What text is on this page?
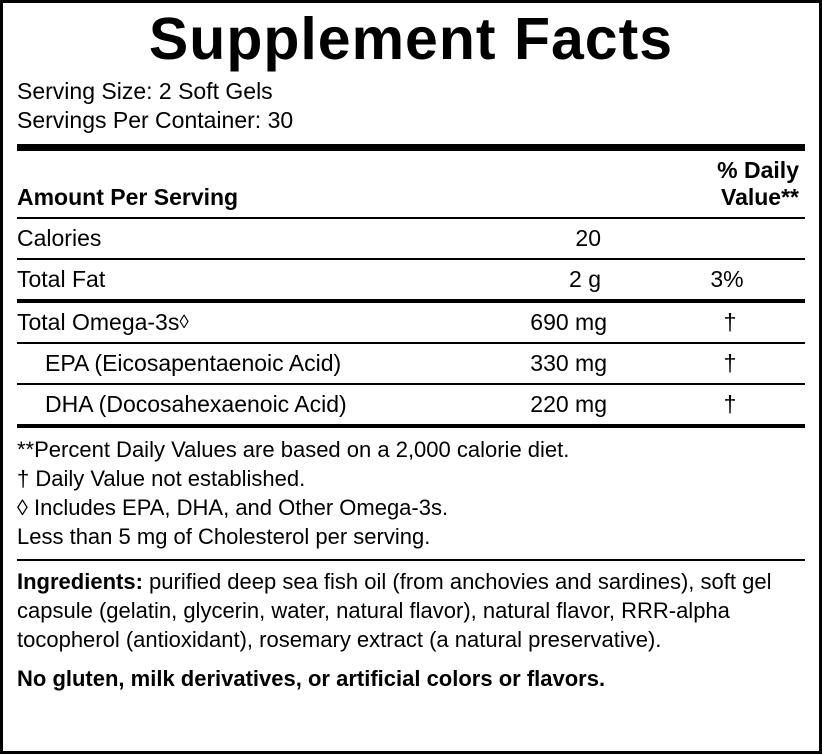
Supplement Facts
Serving Size: 2 Soft Gels
Servings Per Container: 30
Amount Per Serving		% Daily Value**
Calories	20	
Total Fat	2 g	3%
Total Omega-3s◊	690 mg	†
EPA (Eicosapentaenoic Acid)	330 mg	†
DHA (Docosahexaenoic Acid)	220 mg	†
**Percent Daily Values are based on a 2,000 calorie diet.
† Daily Value not established.
◊ Includes EPA, DHA, and Other Omega-3s.
Less than 5 mg of Cholesterol per serving.
Ingredients: purified deep sea fish oil (from anchovies and sardines), soft gel capsule (gelatin, glycerin, water, natural flavor), natural flavor, RRR-alpha tocopherol (antioxidant), rosemary extract (a natural preservative).
No gluten, milk derivatives, or artificial colors or flavors.
